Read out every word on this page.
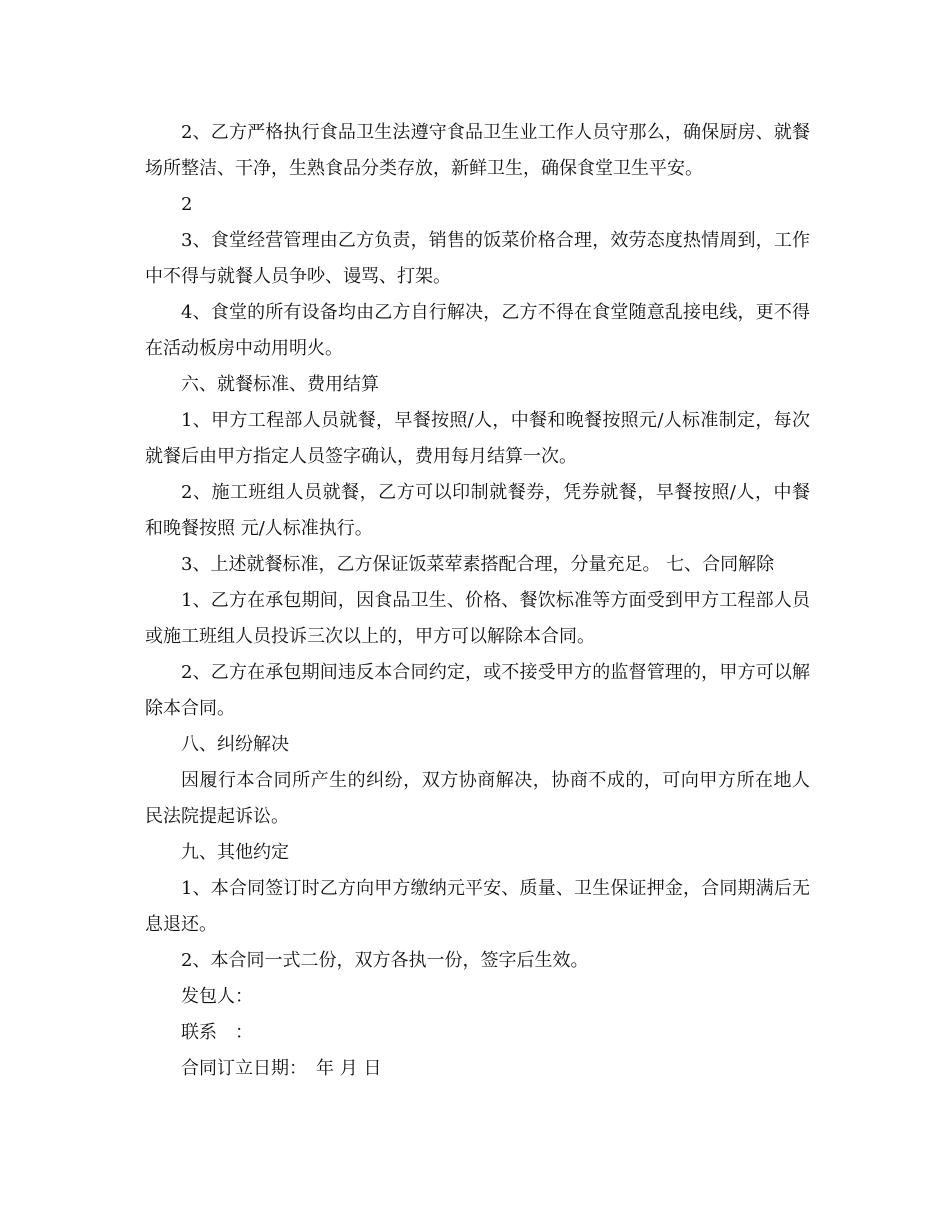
2、乙方严格执行食品卫生法遵守食品卫生业工作人员守那么，确保厨房、就餐场所整洁、干净，生熟食品分类存放，新鲜卫生，确保食堂卫生平安。

2

3、食堂经营管理由乙方负责，销售的饭菜价格合理，效劳态度热情周到，工作中不得与就餐人员争吵、谩骂、打架。

4、食堂的所有设备均由乙方自行解决，乙方不得在食堂随意乱接电线，更不得在活动板房中动用明火。

六、就餐标准、费用结算

1、甲方工程部人员就餐，早餐按照/人，中餐和晚餐按照元/人标准制定，每次就餐后由甲方指定人员签字确认，费用每月结算一次。

2、施工班组人员就餐，乙方可以印制就餐券，凭券就餐，早餐按照/人，中餐和晚餐按照 元/人标准执行。

3、上述就餐标准，乙方保证饭菜荤素搭配合理，分量充足。 七、合同解除

1、乙方在承包期间，因食品卫生、价格、餐饮标准等方面受到甲方工程部人员或施工班组人员投诉三次以上的，甲方可以解除本合同。

2、乙方在承包期间违反本合同约定，或不接受甲方的监督管理的，甲方可以解除本合同。

八、纠纷解决

因履行本合同所产生的纠纷，双方协商解决，协商不成的，可向甲方所在地人民法院提起诉讼。

九、其他约定

1、本合同签订时乙方向甲方缴纳元平安、质量、卫生保证押金，合同期满后无息退还。

2、本合同一式二份，双方各执一份，签字后生效。

发包人：

联系　：

合同订立日期：　年 月 日
